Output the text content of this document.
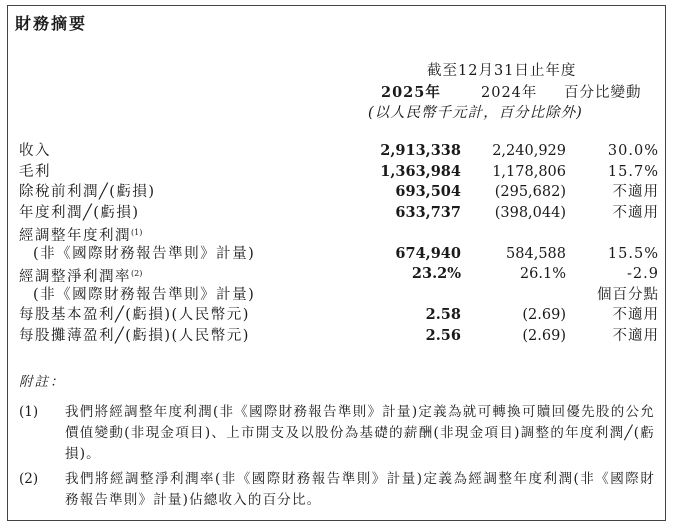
財務摘要
截至12月31日止年度
2025年	2024年 百分比變動
(以人民幣千元計，百分比除外)
收入	2,913,338 2,240,929	30.0%
毛利	1,363,984 1,178,806	15.7%
除稅前利潤╱(虧損)	693,504 (295,682)	不適用
年度利潤╱(虧損)	633,737 (398,044)	不適用
經調整年度利潤$^{(1)}$
(非《國際財務報告準則》計量)	674,940	584,588	15.5%
經調整淨利潤率$^{(2)}$	23.2%	26.1%	-2.9
(非《國際財務報告準則》計量)	個百分點
每股基本盈利╱(虧損)(人民幣元)	2.58	(2.69)	不適用
每股攤薄盈利╱(虧損)(人民幣元)	2.56	(2.69)	不適用
附註：
(1) 我們將經調整年度利潤(非《國際財務報告準則》計量)定義為就可轉換可贖回優先股的公允價值變動(非現金項目)、上市開支及以股份為基礎的薪酬(非現金項目)調整的年度利潤╱(虧損)。
(2) 我們將經調整淨利潤率(非《國際財務報告準則》計量)定義為經調整年度利潤(非《國際財務報告準則》計量)佔總收入的百分比。
